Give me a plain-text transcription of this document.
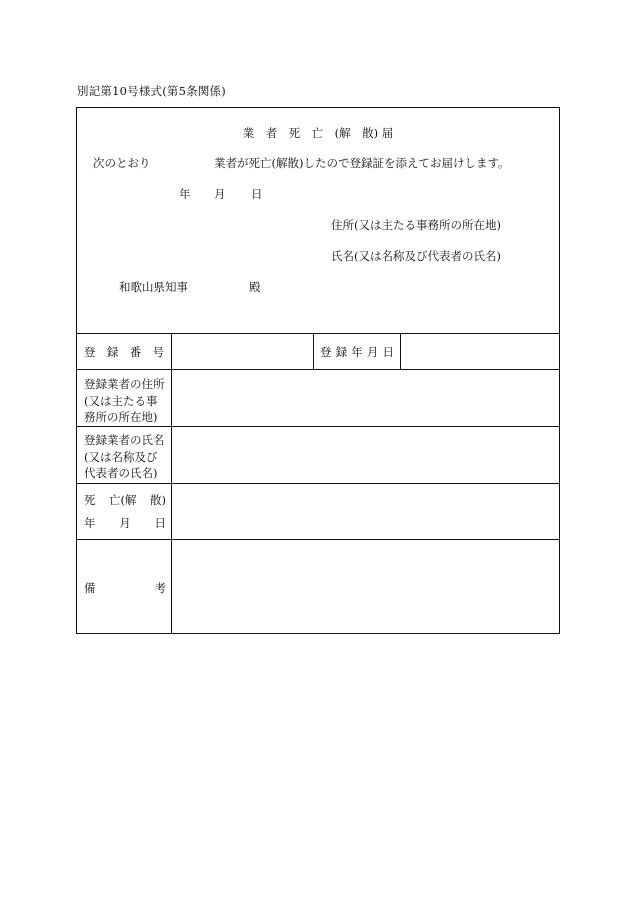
別記第10号様式(第5条関係)
業　者　死　亡　(解　散) 届
次のとおり	業者が死亡(解散)したので登録証を添えてお届けします。
年 月 日
住所(又は主たる事務所の所在地)
氏名(又は名称及び代表者の氏名)
和歌山県知事	殿
登 録 番 号	登 録 年 月 日
登録業者の住所
(又は主たる事
務所の所在地)
登録業者の氏名
(又は名称及び
代表者の氏名)
死 亡(解 散)
年 月 日
備	考
